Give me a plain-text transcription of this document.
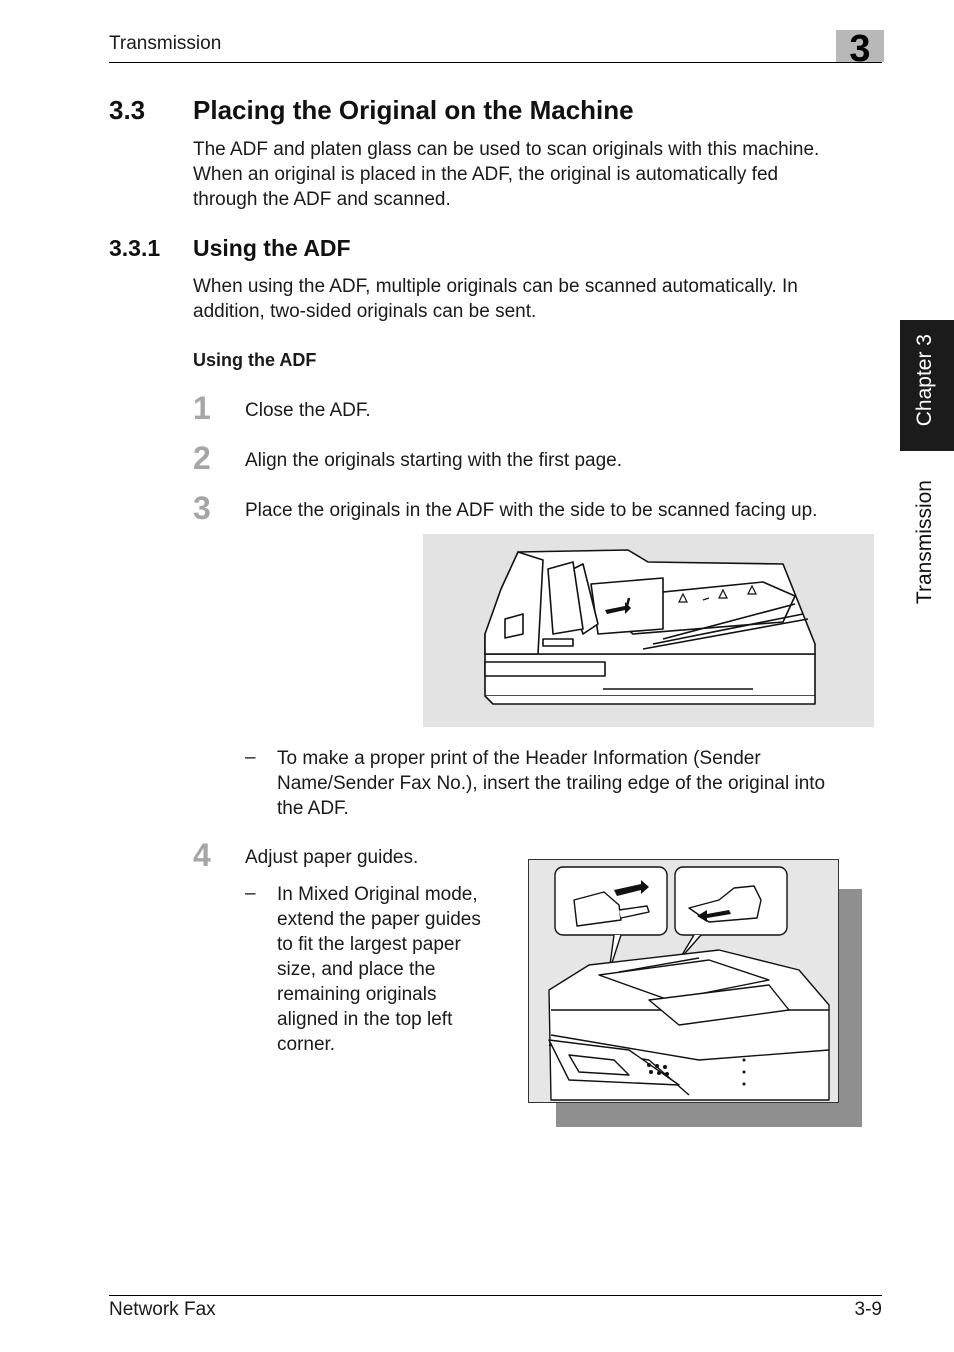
Transmission	3
Chapter 3
Transmission
3.3 Placing the Original on the Machine
The ADF and platen glass can be used to scan originals with this machine.
When an original is placed in the ADF, the original is automatically fed
through the ADF and scanned.
3.3.1 Using the ADF
When using the ADF, multiple originals can be scanned automatically. In
addition, two-sided originals can be sent.
Using the ADF
1 Close the ADF.
2 Align the originals starting with the first page.
3 Place the originals in the ADF with the side to be scanned facing up.
– To make a proper print of the Header Information (Sender
Name/Sender Fax No.), insert the trailing edge of the original into
the ADF.
4 Adjust paper guides.
– In Mixed Original mode,
extend the paper guides
to fit the largest paper
size, and place the
remaining originals
aligned in the top left
corner.
Network Fax	3-9
